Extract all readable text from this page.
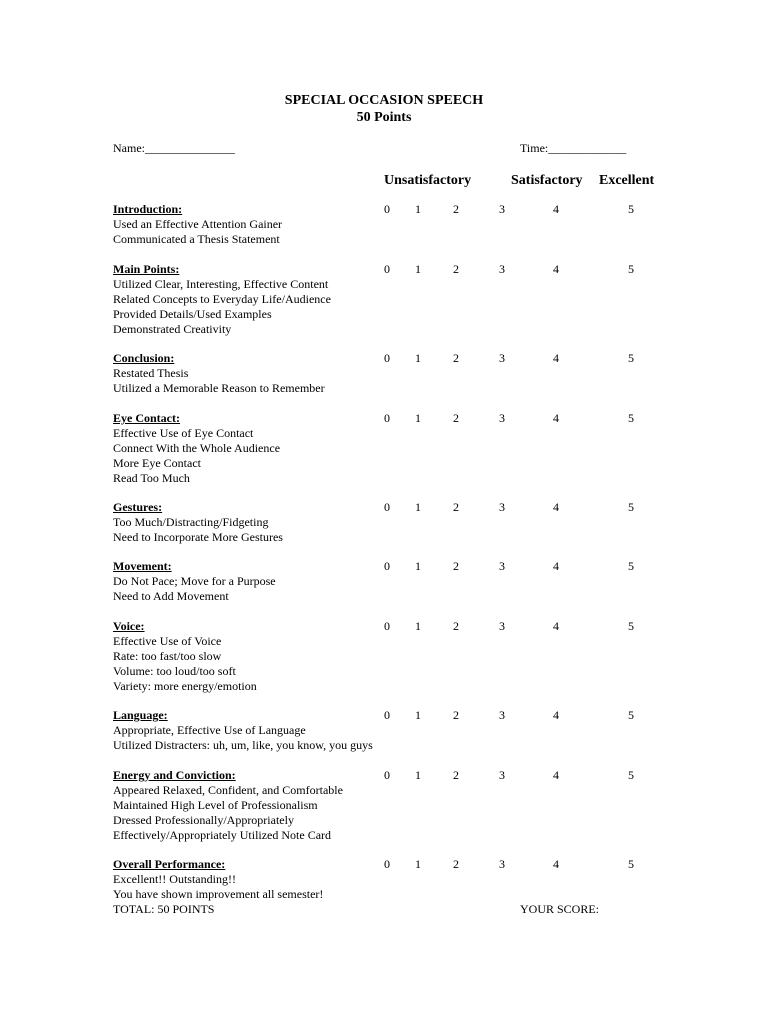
SPECIAL OCCASION SPEECH
50 Points
Name:_______________	Time:_____________
Unsatisfactory	Satisfactory Excellent
Introduction:
Used an Effective Attention Gainer
Communicated a Thesis Statement
0 1	2	3	4	5
Main Points:
Utilized Clear, Interesting, Effective Content
Related Concepts to Everyday Life/Audience
Provided Details/Used Examples
Demonstrated Creativity
0 1	2	3	4	5
Conclusion:
Restated Thesis
Utilized a Memorable Reason to Remember
0 1	2	3	4	5
Eye Contact:
Effective Use of Eye Contact
Connect With the Whole Audience
More Eye Contact
Read Too Much
0 1	2	3	4	5
Gestures:
Too Much/Distracting/Fidgeting
Need to Incorporate More Gestures
0 1	2	3	4	5
Movement:
Do Not Pace; Move for a Purpose
Need to Add Movement
0 1	2	3	4	5
Voice:
Effective Use of Voice
Rate: too fast/too slow
Volume: too loud/too soft
Variety: more energy/emotion
0 1	2	3	4	5
Language:
Appropriate, Effective Use of Language
Utilized Distracters: uh, um, like, you know, you guys
0 1	2	3	4	5
Energy and Conviction:
Appeared Relaxed, Confident, and Comfortable
Maintained High Level of Professionalism
Dressed Professionally/Appropriately
Effectively/Appropriately Utilized Note Card
0 1	2	3	4	5
Overall Performance:
Excellent!! Outstanding!!
You have shown improvement all semester!
0 1	2	3	4	5
TOTAL: 50 POINTS	YOUR SCORE:
